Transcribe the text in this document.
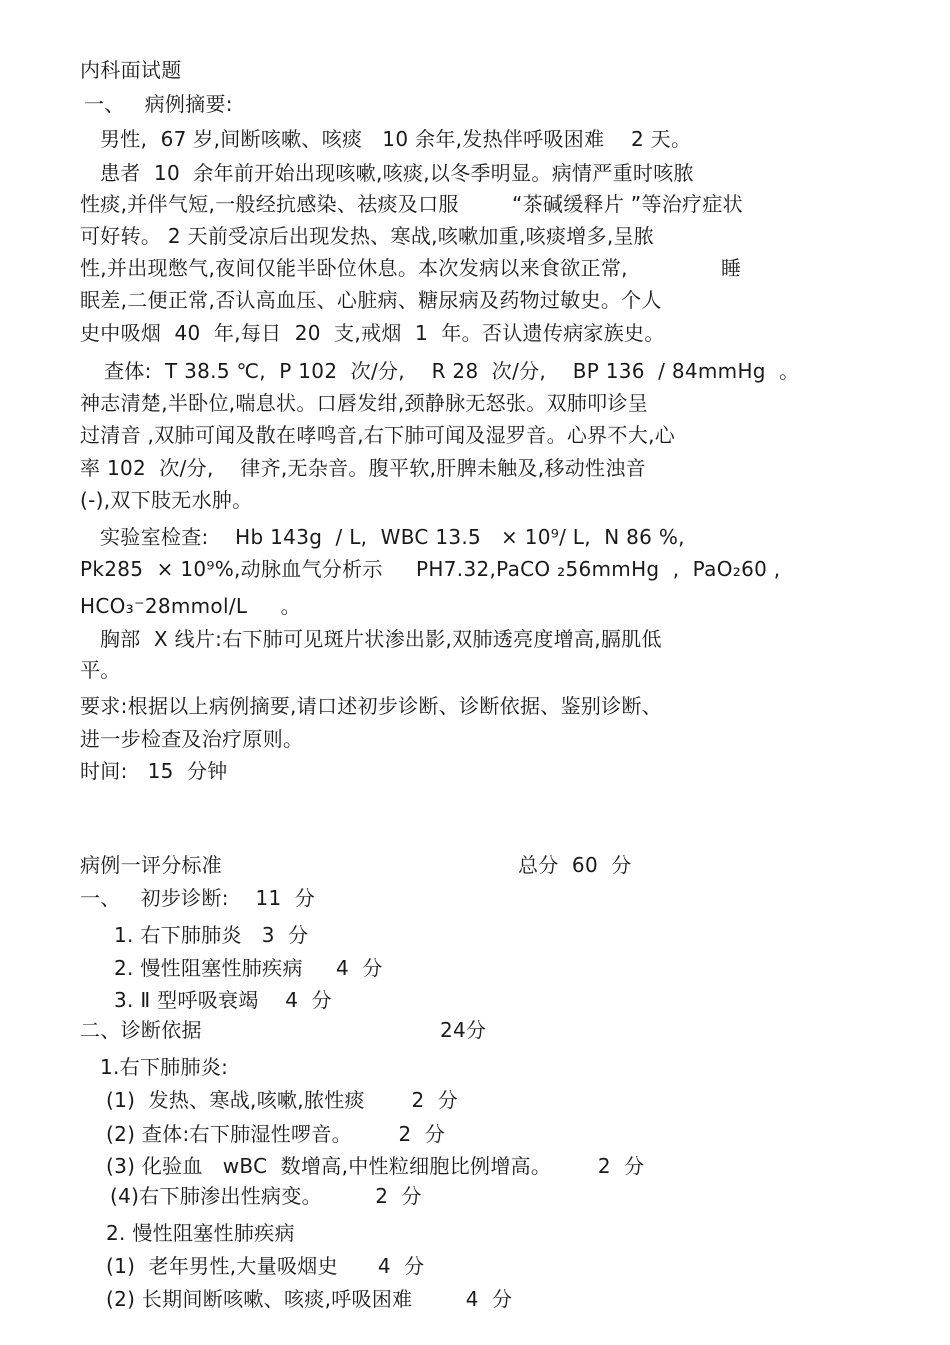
内科面试题
一、   病例摘要:
男性,  67 岁,间断咳嗽、咳痰   10 余年,发热伴呼吸困难    2 天。
患者  10  余年前开始出现咳嗽,咳痰,以冬季明显。病情严重时咳脓
性痰,并伴气短,一般经抗感染、祛痰及口服        “茶碱缓释片 ”等治疗症状
可好转。 2 天前受凉后出现发热、寒战,咳嗽加重,咳痰增多,呈脓
性,并出现憋气,夜间仅能半卧位休息。本次发病以来食欲正常,              睡
眠差,二便正常,否认高血压、心脏病、糖尿病及药物过敏史。个人
史中吸烟  40  年,每日  20  支,戒烟  1  年。否认遗传病家族史。
查体:  T 38.5 ℃,  P 102  次/分,    R 28  次/分,    BP 136  / 84mmHg  。
神志清楚,半卧位,喘息状。口唇发绀,颈静脉无怒张。双肺叩诊呈
过清音 ,双肺可闻及散在哮鸣音,右下肺可闻及湿罗音。心界不大,心
率 102  次/分,    律齐,无杂音。腹平软,肝脾未触及,移动性浊音
(-),双下肢无水肿。
实验室检查:    Hb 143g  / L,  WBC 13.5   × 10⁹/ L,  N 86 %,
Pk285  × 10⁹%,动脉血气分析示     PH7.32,PaCO ₂56mmHg  ,  PaO₂60 ,
HCO₃⁻28mmol/L     。
胸部  X 线片:右下肺可见斑片状渗出影,双肺透亮度增高,膈肌低
平。
要求:根据以上病例摘要,请口述初步诊断、诊断依据、鉴别诊断、
进一步检查及治疗原则。
时间:   15  分钟
病例一评分标准	总分  60  分
一、   初步诊断:    11  分
1. 右下肺肺炎   3  分
2. 慢性阻塞性肺疾病     4  分
3. Ⅱ 型呼吸衰竭    4  分
二、诊断依据	24分
1.右下肺肺炎:
(1)  发热、寒战,咳嗽,脓性痰       2  分
(2) 查体:右下肺湿性啰音。       2  分
(3) 化验血   wBC  数增高,中性粒细胞比例增高。       2  分
(4)右下肺渗出性病变。        2  分
2. 慢性阻塞性肺疾病
(1)  老年男性,大量吸烟史      4  分
(2) 长期间断咳嗽、咳痰,呼吸困难        4  分
